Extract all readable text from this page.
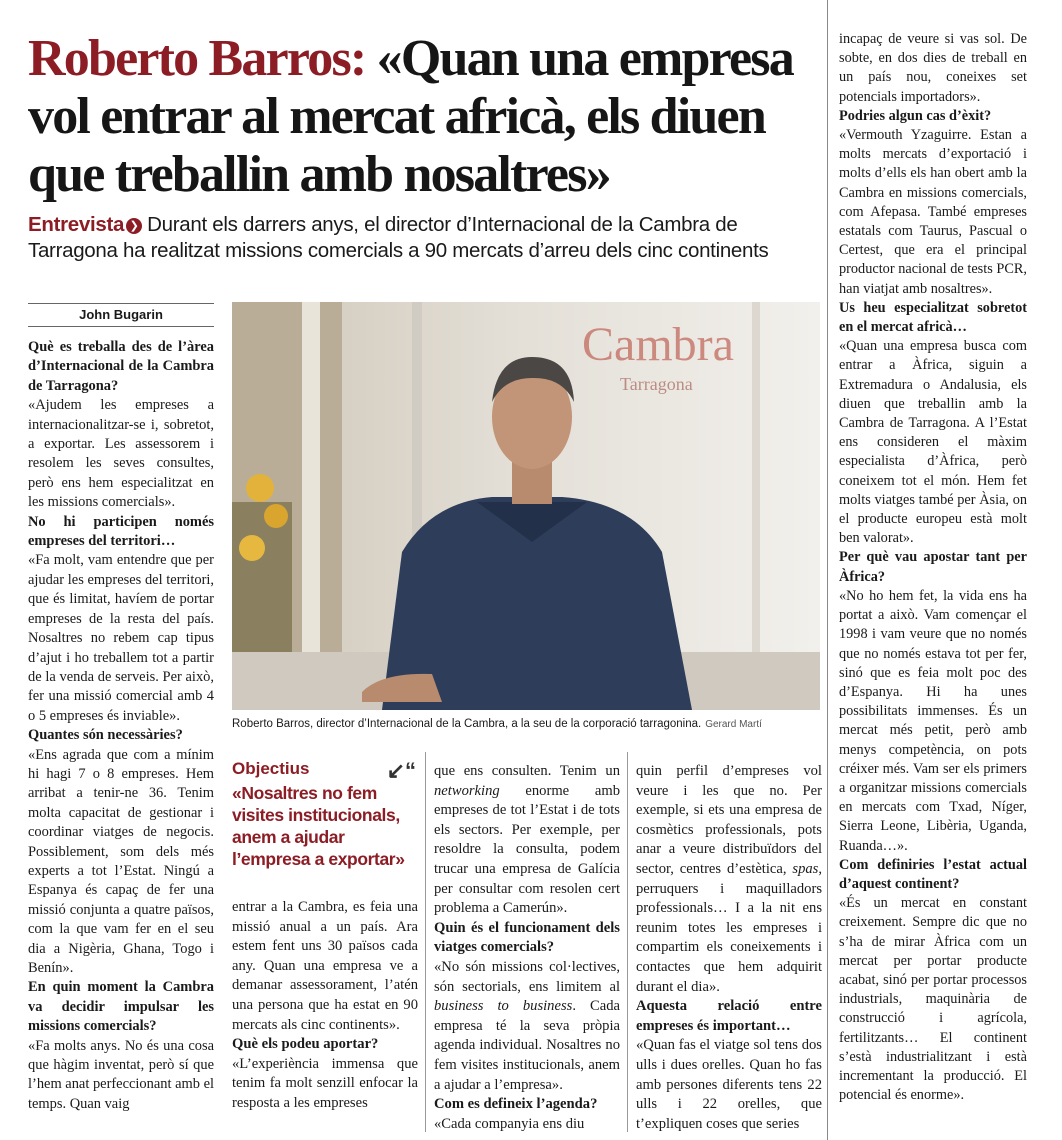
Roberto Barros: «Quan una empresa vol entrar al mercat africà, els diuen que treballin amb nosaltres»
Entrevista ❯ Durant els darrers anys, el director d’Internacional de la Cambra de Tarragona ha realitzat missions comercials a 90 mercats d’arreu dels cinc continents
John Bugarin

Què es treballa des de l’àrea d’Internacional de la Cambra de Tarragona?

«Ajudem les empreses a internacionalitzar-se i, sobretot, a exportar. Les assessorem i resolem les seves consultes, però ens hem especialitzat en les missions comercials».

No hi participen només empreses del territori…

«Fa molt, vam entendre que per ajudar les empreses del territori, que és limitat, havíem de portar empreses de la resta del país. Nosaltres no rebem cap tipus d’ajut i ho treballem tot a partir de la venda de serveis. Per això, fer una missió comercial amb 4 o 5 empreses és inviable».

Quantes són necessàries?

«Ens agrada que com a mínim hi hagi 7 o 8 empreses. Hem arribat a tenir-ne 36. Tenim molta capacitat de gestionar i coordinar viatges de negocis. Possiblement, som dels més experts a tot l’Estat. Ningú a Espanya és capaç de fer una missió conjunta a quatre països, com la que vam fer en el seu dia a Nigèria, Ghana, Togo i Benín».

En quin moment la Cambra va decidir impulsar les missions comercials?

«Fa molts anys. No és una cosa que hàgim inventat, però sí que l’hem anat perfeccionant amb el temps. Quan vaig

Cambra
Tarragona
Roberto Barros, director d’Internacional de la Cambra, a la seu de la corporació tarragonina. Gerard Martí
Objectius	↙“
«Nosaltres no fem visites institucionals, anem a ajudar l’empresa a exportar»

entrar a la Cambra, es feia una missió anual a un país. Ara estem fent uns 30 països cada any. Quan una empresa ve a demanar assessorament, l’atén una persona que ha estat en 90 mercats als cinc continents».

Què els podeu aportar?

«L’experiència immensa que tenim fa molt senzill enfocar la resposta a les empreses

que ens consulten. Tenim un networking enorme amb empreses de tot l’Estat i de tots els sectors. Per exemple, per resoldre la consulta, podem trucar una empresa de Galícia per consultar com resolen cert problema a Camerún».

Quin és el funcionament dels viatges comercials?

«No són missions col·lectives, són sectorials, ens limitem al business to business. Cada empresa té la seva pròpia agenda individual. Nosaltres no fem visites institucionals, anem a ajudar a l’empresa».

Com es defineix l’agenda?

«Cada companyia ens diu

quin perfil d’empreses vol veure i les que no. Per exemple, si ets una empresa de cosmètics professionals, pots anar a veure distribuïdors del sector, centres d’estètica, spas, perruquers i maquilladors professionals… I a la nit ens reunim totes les empreses i compartim els coneixements i contactes que hem adquirit durant el dia».

Aquesta relació entre empreses és important…

«Quan fas el viatge sol tens dos ulls i dues orelles. Quan ho fas amb persones diferents tens 22 ulls i 22 orelles, que t’expliquen coses que series

incapaç de veure si vas sol. De sobte, en dos dies de treball en un país nou, coneixes set potencials importadors».

Podries algun cas d’èxit?

«Vermouth Yzaguirre. Estan a molts mercats d’exportació i molts d’ells els han obert amb la Cambra en missions comercials, com Afepasa. També empreses estatals com Taurus, Pascual o Certest, que era el principal productor nacional de tests PCR, han viatjat amb nosaltres».

Us heu especialitzat sobretot en el mercat africà…

«Quan una empresa busca com entrar a Àfrica, siguin a Extremadura o Andalusia, els diuen que treballin amb la Cambra de Tarragona. A l’Estat ens consideren el màxim especialista d’Àfrica, però coneixem tot el món. Hem fet molts viatges també per Àsia, on el producte europeu està molt ben valorat».

Per què vau apostar tant per Àfrica?

«No ho hem fet, la vida ens ha portat a això. Vam començar el 1998 i vam veure que no només que no només estava tot per fer, sinó que es feia molt poc des d’Espanya. Hi ha unes possibilitats immenses. És un mercat més petit, però amb menys competència, on pots créixer més. Vam ser els primers a organitzar missions comercials en mercats com Txad, Níger, Sierra Leone, Libèria, Uganda, Ruanda…».

Com definiries l’estat actual d’aquest continent?

«És un mercat en constant creixement. Sempre dic que no s’ha de mirar Àfrica com un mercat per portar producte acabat, sinó per portar processos industrials, maquinària de construcció i agrícola, fertilitzants… El continent s’està industrialitzant i està incrementant la producció. El potencial és enorme».
